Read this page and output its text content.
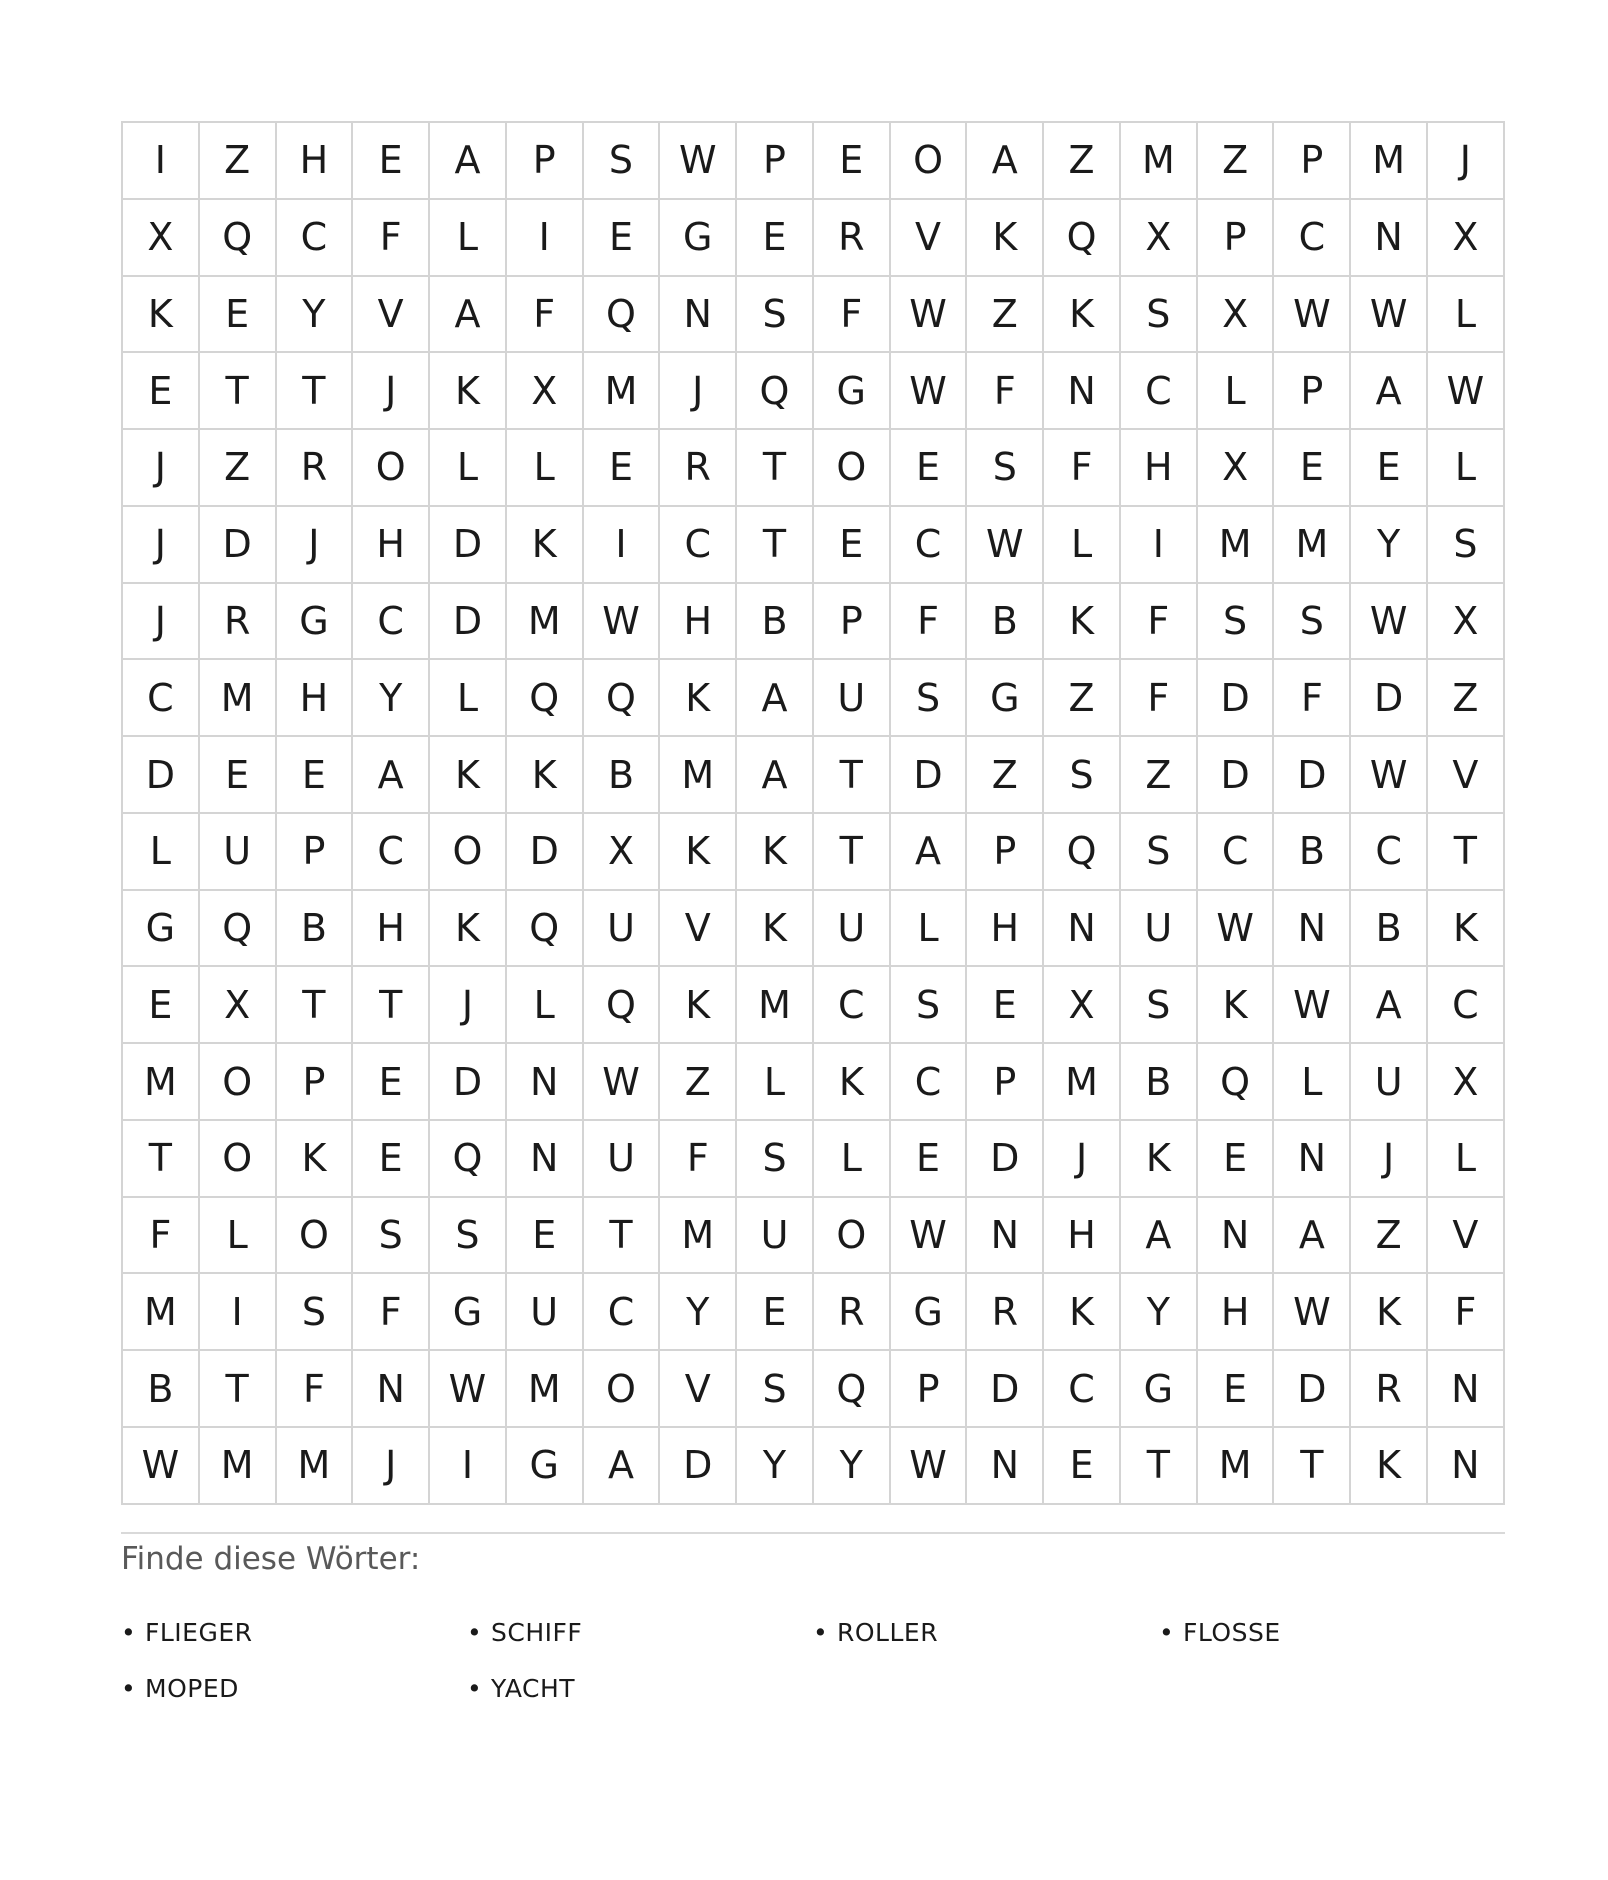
I	Z	H	E	A	P	S	W	P	E	O	A	Z	M	Z	P	M	J
X	Q	C	F	L	I	E	G	E	R	V	K	Q	X	P	C	N	X
K	E	Y	V	A	F	Q	N	S	F	W	Z	K	S	X	W	W	L
E	T	T	J	K	X	M	J	Q	G	W	F	N	C	L	P	A	W
J	Z	R	O	L	L	E	R	T	O	E	S	F	H	X	E	E	L
J	D	J	H	D	K	I	C	T	E	C	W	L	I	M	M	Y	S
J	R	G	C	D	M	W	H	B	P	F	B	K	F	S	S	W	X
C	M	H	Y	L	Q	Q	K	A	U	S	G	Z	F	D	F	D	Z
D	E	E	A	K	K	B	M	A	T	D	Z	S	Z	D	D	W	V
L	U	P	C	O	D	X	K	K	T	A	P	Q	S	C	B	C	T
G	Q	B	H	K	Q	U	V	K	U	L	H	N	U	W	N	B	K
E	X	T	T	J	L	Q	K	M	C	S	E	X	S	K	W	A	C
M	O	P	E	D	N	W	Z	L	K	C	P	M	B	Q	L	U	X
T	O	K	E	Q	N	U	F	S	L	E	D	J	K	E	N	J	L
F	L	O	S	S	E	T	M	U	O	W	N	H	A	N	A	Z	V
M	I	S	F	G	U	C	Y	E	R	G	R	K	Y	H	W	K	F
B	T	F	N	W	M	O	V	S	Q	P	D	C	G	E	D	R	N
W	M	M	J	I	G	A	D	Y	Y	W	N	E	T	M	T	K	N
Finde diese Wörter:
• FLIEGER	• SCHIFF	• ROLLER	• FLOSSE
• MOPED	• YACHT
